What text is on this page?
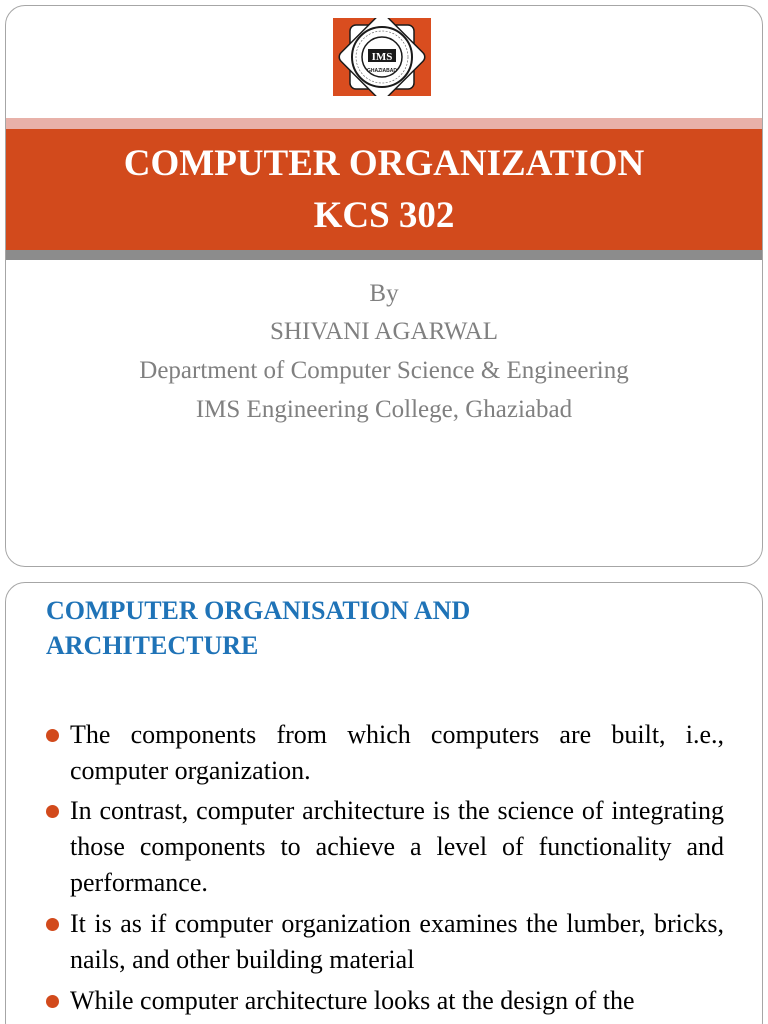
IMS
GHAZIABAD
COMPUTER ORGANIZATION
KCS 302
By
SHIVANI AGARWAL
Department of Computer Science & Engineering
IMS Engineering College, Ghaziabad
COMPUTER ORGANISATION AND
ARCHITECTURE
The components from which computers are built, i.e., computer organization.
In contrast, computer architecture is the science of integrating those components to achieve a level of functionality and performance.
It is as if computer organization examines the lumber, bricks, nails, and other building material
While computer architecture looks at the design of the
